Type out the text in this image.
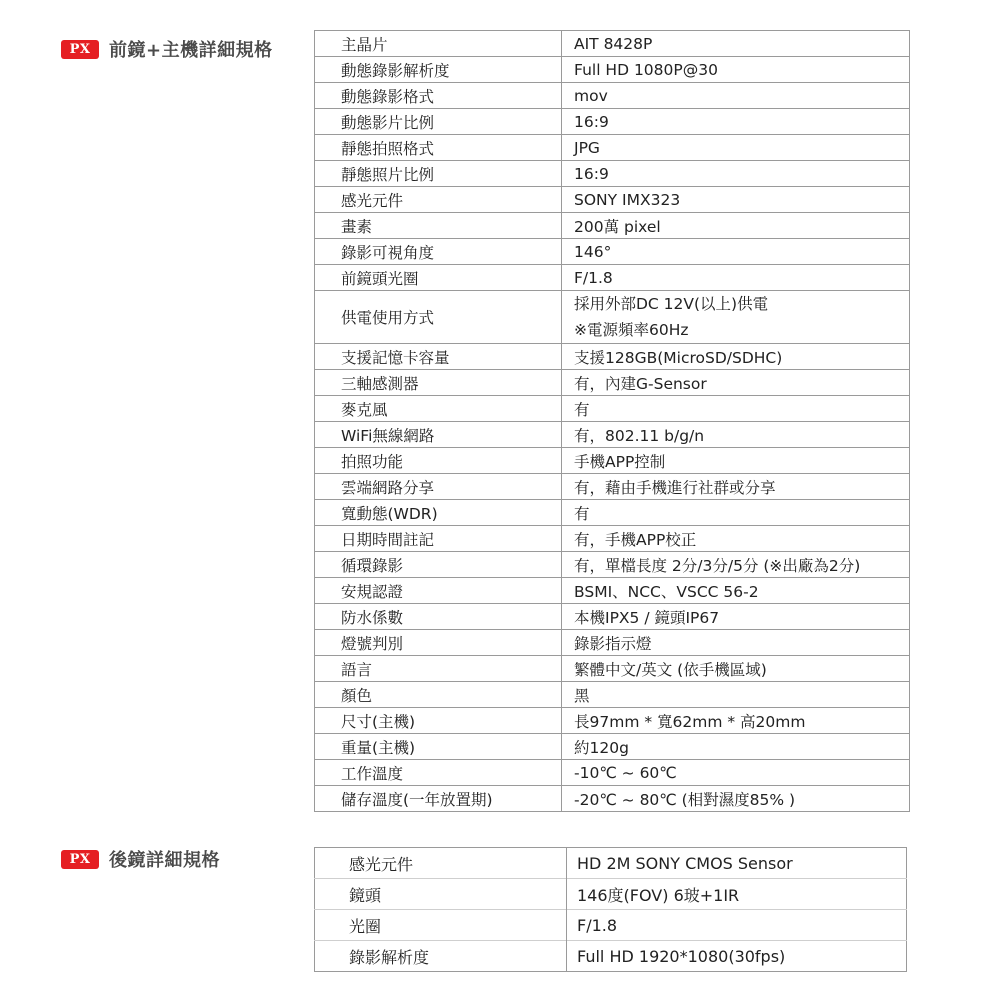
PX	前鏡+主機詳細規格	主晶片	AIT 8428P
動態錄影解析度	Full HD 1080P@30
動態錄影格式	mov
動態影片比例	16:9
靜態拍照格式	JPG
靜態照片比例	16:9
感光元件	SONY IMX323
畫素	200萬 pixel
錄影可視角度	146°
前鏡頭光圈	F/1.8
供電使用方式	採用外部DC 12V(以上)供電
※電源頻率60Hz

支援記憶卡容量	支援128GB(MicroSD/SDHC)
三軸感測器	有，內建G-Sensor
麥克風	有
WiFi無線網路	有，802.11 b/g/n
拍照功能	手機APP控制
雲端網路分享	有，藉由手機進行社群或分享
寬動態(WDR)	有
日期時間註記	有，手機APP校正
循環錄影	有，單檔長度 2分/3分/5分 (※出廠為2分)
安規認證	BSMI、NCC、VSCC 56-2
防水係數	本機IPX5 / 鏡頭IP67
燈號判別	錄影指示燈
語言	繁體中文/英文 (依手機區域)
顏色	黑
尺寸(主機)	長97mm * 寬62mm * 高20mm
重量(主機)	約120g
工作溫度	-10℃ ~ 60℃
儲存溫度(一年放置期)	-20℃ ~ 80℃ (相對濕度85% )
PX	後鏡詳細規格	感光元件	HD 2M SONY CMOS Sensor
鏡頭	146度(FOV) 6玻+1IR
光圈	F/1.8
錄影解析度	Full HD 1920*1080(30fps)
